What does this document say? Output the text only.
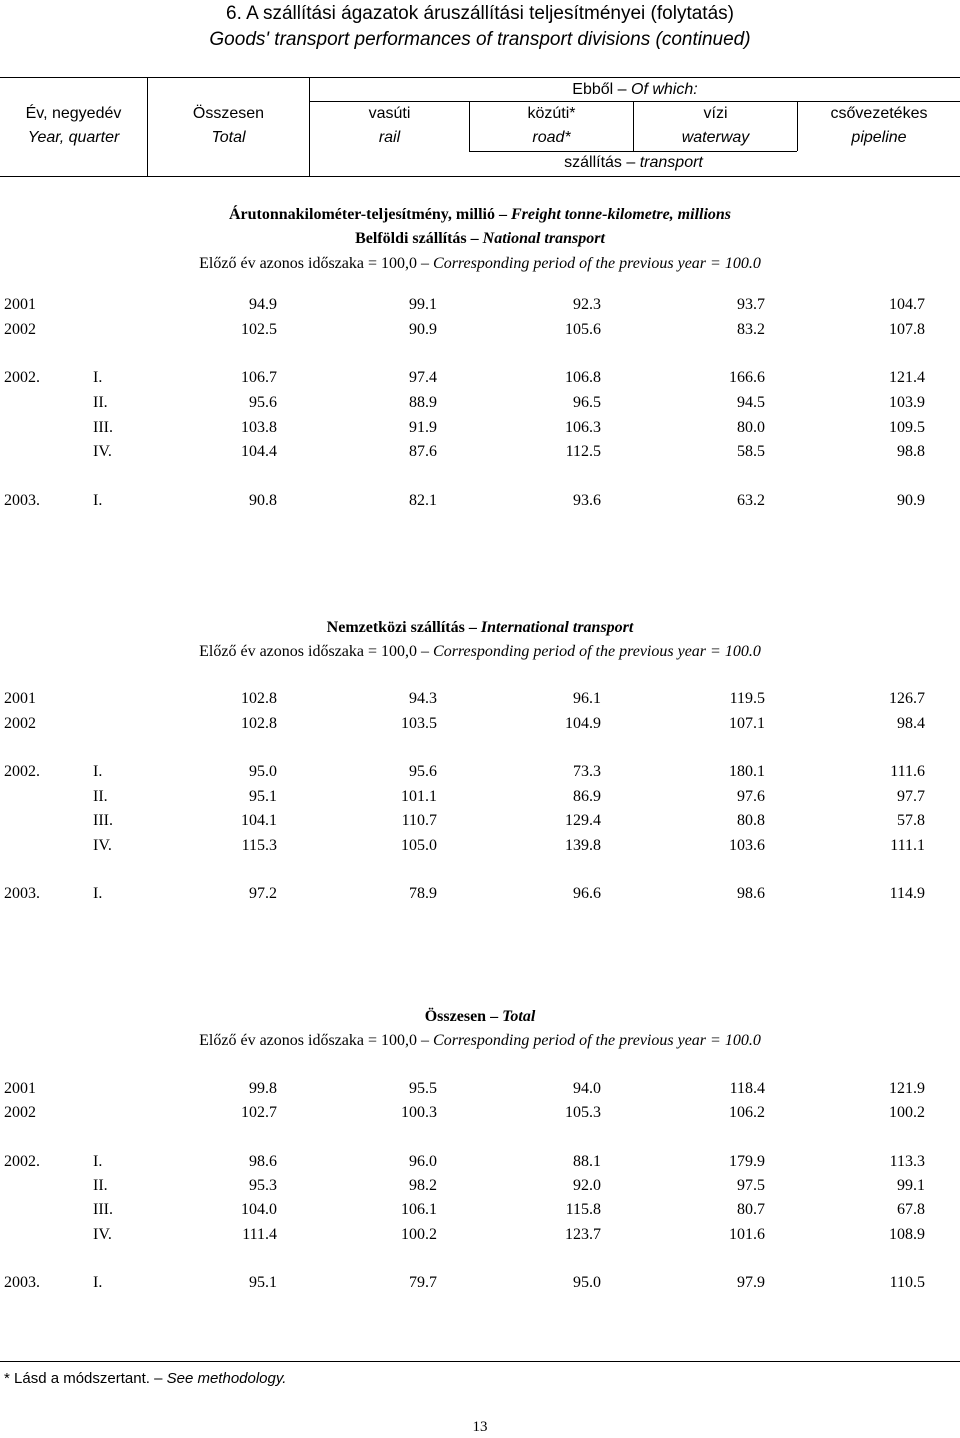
6. A szállítási ágazatok áruszállítási teljesítményei (folytatás)
Goods' transport performances of transport divisions (continued)
Év, negyedév
Year, quarter
Összesen
Total
Ebből – Of which:
vasúti
rail
közúti*
road*
vízi
waterway
csővezetékes
pipeline
szállítás – transport
Árutonnakilométer-teljesítmény, millió – Freight tonne-kilometre, millions
Belföldi szállítás – National transport
Előző év azonos időszaka = 100,0 – Corresponding period of the previous year = 100.0
2001	94.9	99.1	92.3	93.7	104.7
2002	102.5	90.9	105.6	83.2	107.8
2002.	I.	106.7	97.4	106.8	166.6	121.4
II.	95.6	88.9	96.5	94.5	103.9
III.	103.8	91.9	106.3	80.0	109.5
IV.	104.4	87.6	112.5	58.5	98.8
2003.	I.	90.8	82.1	93.6	63.2	90.9
Nemzetközi szállítás – International transport
Előző év azonos időszaka = 100,0 – Corresponding period of the previous year = 100.0
2001	102.8	94.3	96.1	119.5	126.7
2002	102.8	103.5	104.9	107.1	98.4
2002.	I.	95.0	95.6	73.3	180.1	111.6
II.	95.1	101.1	86.9	97.6	97.7
III.	104.1	110.7	129.4	80.8	57.8
IV.	115.3	105.0	139.8	103.6	111.1
2003.	I.	97.2	78.9	96.6	98.6	114.9
Összesen – Total
Előző év azonos időszaka = 100,0 – Corresponding period of the previous year = 100.0
2001	99.8	95.5	94.0	118.4	121.9
2002	102.7	100.3	105.3	106.2	100.2
2002.	I.	98.6	96.0	88.1	179.9	113.3
II.	95.3	98.2	92.0	97.5	99.1
III.	104.0	106.1	115.8	80.7	67.8
IV.	111.4	100.2	123.7	101.6	108.9
2003.	I.	95.1	79.7	95.0	97.9	110.5
* Lásd a módszertant. – See methodology.
13
